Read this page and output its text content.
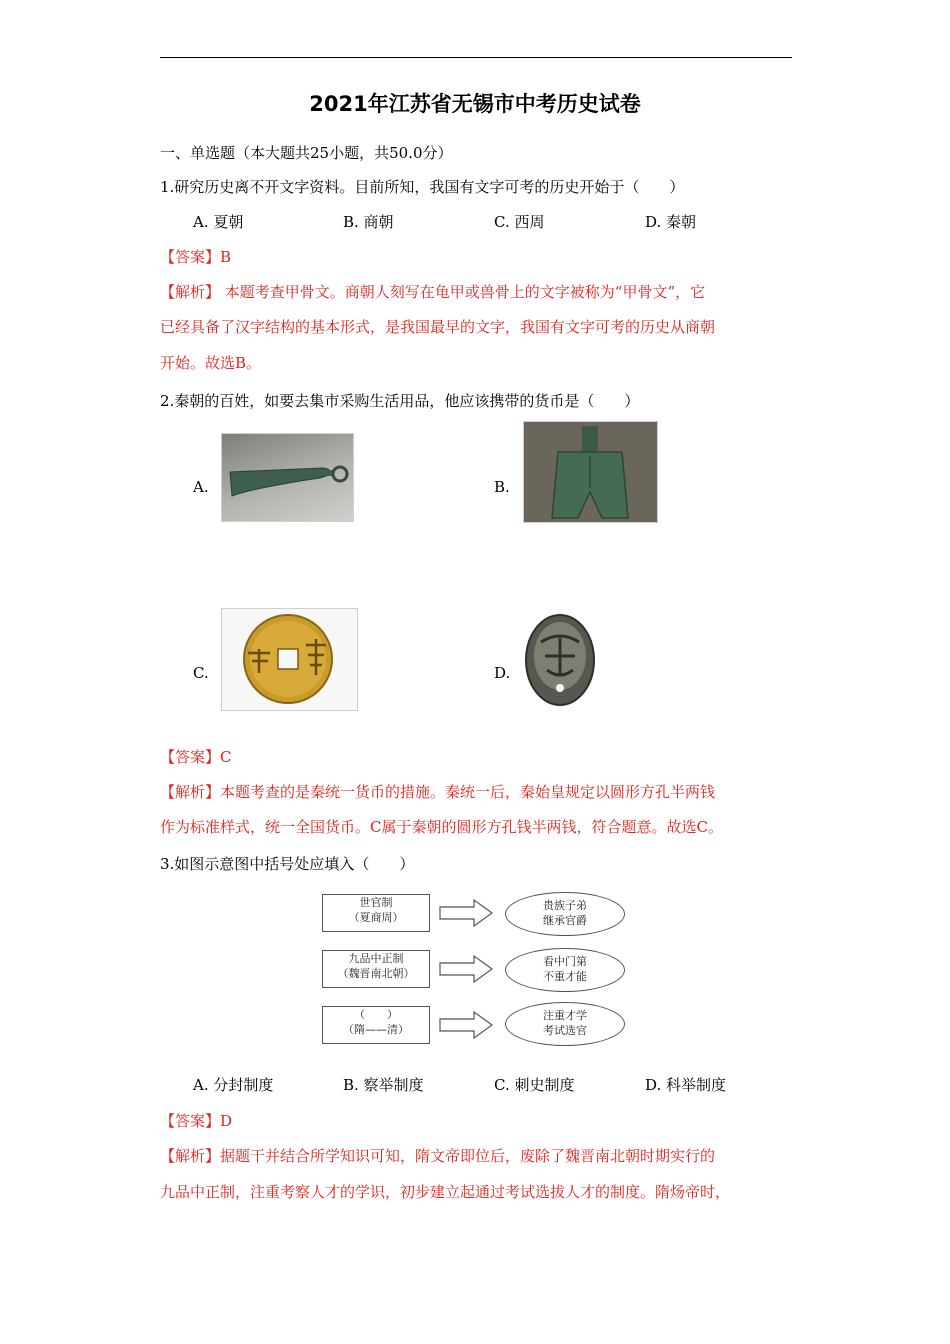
2021年江苏省无锡市中考历史试卷
一、单选题（本大题共25小题，共50.0分）
1.研究历史离不开文字资料。目前所知，我国有文字可考的历史开始于（　　）
A. 夏朝	B. 商朝	C. 西周	D. 秦朝
【答案】B
【解析】 本题考查甲骨文。商朝人刻写在龟甲或兽骨上的文字被称为“甲骨文”，它
已经具备了汉字结构的基本形式，是我国最早的文字，我国有文字可考的历史从商朝
开始。故选B。
2.秦朝的百姓，如要去集市采购生活用品，他应该携带的货币是（　　）
A.	B.
C.	D.
【答案】C
【解析】本题考查的是秦统一货币的措施。秦统一后，秦始皇规定以圆形方孔半两钱
作为标准样式，统一全国货币。C属于秦朝的圆形方孔钱半两钱，符合题意。故选C。
3.如图示意图中括号处应填入（　　）
世官制
（夏商周）
贵族子弟
继承官爵
九品中正制
（魏晋南北朝）
看中门第
不重才能
（　　）
（隋——清）
注重才学
考试选官
A. 分封制度	B. 察举制度	C. 刺史制度	D. 科举制度
【答案】D
【解析】据题干并结合所学知识可知，隋文帝即位后，废除了魏晋南北朝时期实行的
九品中正制，注重考察人才的学识，初步建立起通过考试选拔人才的制度。隋炀帝时，
